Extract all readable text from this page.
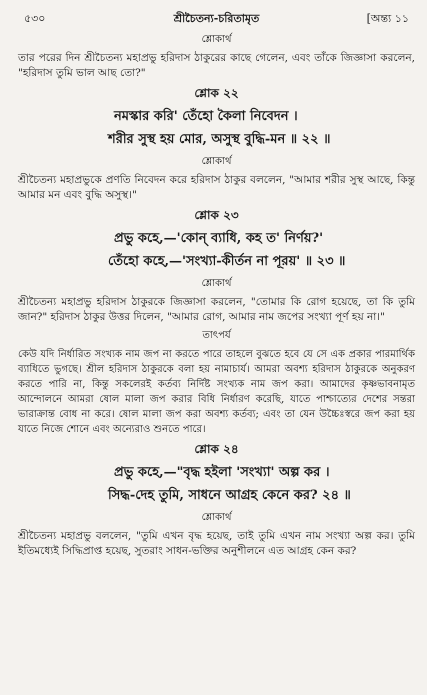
৫৩০	শ্রীচৈতন্য-চরিতামৃত	[অন্ত্য ১১
শ্লোকার্থ

তার পরের দিন শ্রীচৈতন্য মহাপ্রভু হরিদাস ঠাকুরের কাছে গেলেন, এবং তাঁকে জিজ্ঞাসা করলেন, "হরিদাস তুমি ভাল আছ তো?"

শ্লোক ২২
নমস্কার করি' তেঁহো কৈলা নিবেদন ।
শরীর সুস্থ হয় মোর, অসুস্থ বুদ্ধি-মন ॥ ২২ ॥
শ্লোকার্থ

শ্রীচৈতন্য মহাপ্রভুকে প্রণতি নিবেদন করে হরিদাস ঠাকুর বললেন, "আমার শরীর সুস্থ আছে, কিন্তু আমার মন এবং বুদ্ধি অসুস্থ।"

শ্লোক ২৩
প্রভু কহে,—'কোন্ ব্যাধি, কহ ত' নির্ণয়?'
তেঁহো কহে,—'সংখ্যা-কীর্তন না পূরয়' ॥ ২৩ ॥
শ্লোকার্থ

শ্রীচৈতন্য মহাপ্রভু হরিদাস ঠাকুরকে জিজ্ঞাসা করলেন, "তোমার কি রোগ হয়েছে, তা কি তুমি জান?" হরিদাস ঠাকুর উত্তর দিলেন, "আমার রোগ, আমার নাম জপের সংখ্যা পূর্ণ হয় না।"

তাৎপর্য

কেউ যদি নির্ধারিত সংখ্যক নাম জপ না করতে পারে তাহলে বুঝতে হবে যে সে এক প্রকার পারমার্থিক ব্যাধিতে ভুগছে। শ্রীল হরিদাস ঠাকুরকে বলা হয় নামাচার্য। আমরা অবশ্য হরিদাস ঠাকুরকে অনুকরণ করতে পারি না, কিন্তু সকলেরই কর্তব্য নির্দিষ্ট সংখ্যক নাম জপ করা। আমাদের কৃষ্ণভাবনামৃত আন্দোলনে আমরা ষোল মালা জপ করার বিধি নির্ধারণ করেছি, যাতে পাশ্চাত্যের দেশের সন্তরা ভারাক্রান্ত বোধ না করে। ষোল মালা জপ করা অবশ্য কর্তব্য; এবং তা যেন উচ্চৈঃস্বরে জপ করা হয় যাতে নিজে শোনে এবং অন্যেরাও শুনতে পারে।

শ্লোক ২৪
প্রভু কহে,—"বৃদ্ধ হইলা 'সংখ্যা' অল্প কর ।
সিদ্ধ-দেহ তুমি, সাধনে আগ্রহ কেনে কর? ২৪ ॥
শ্লোকার্থ

শ্রীচৈতন্য মহাপ্রভু বললেন, "তুমি এখন বৃদ্ধ হয়েছ, তাই তুমি এখন নাম সংখ্যা অল্প কর। তুমি ইতিমধ্যেই সিদ্ধিপ্রাপ্ত হয়েছ, সুতরাং সাধন-ভক্তির অনুশীলনে এত আগ্রহ কেন কর?
